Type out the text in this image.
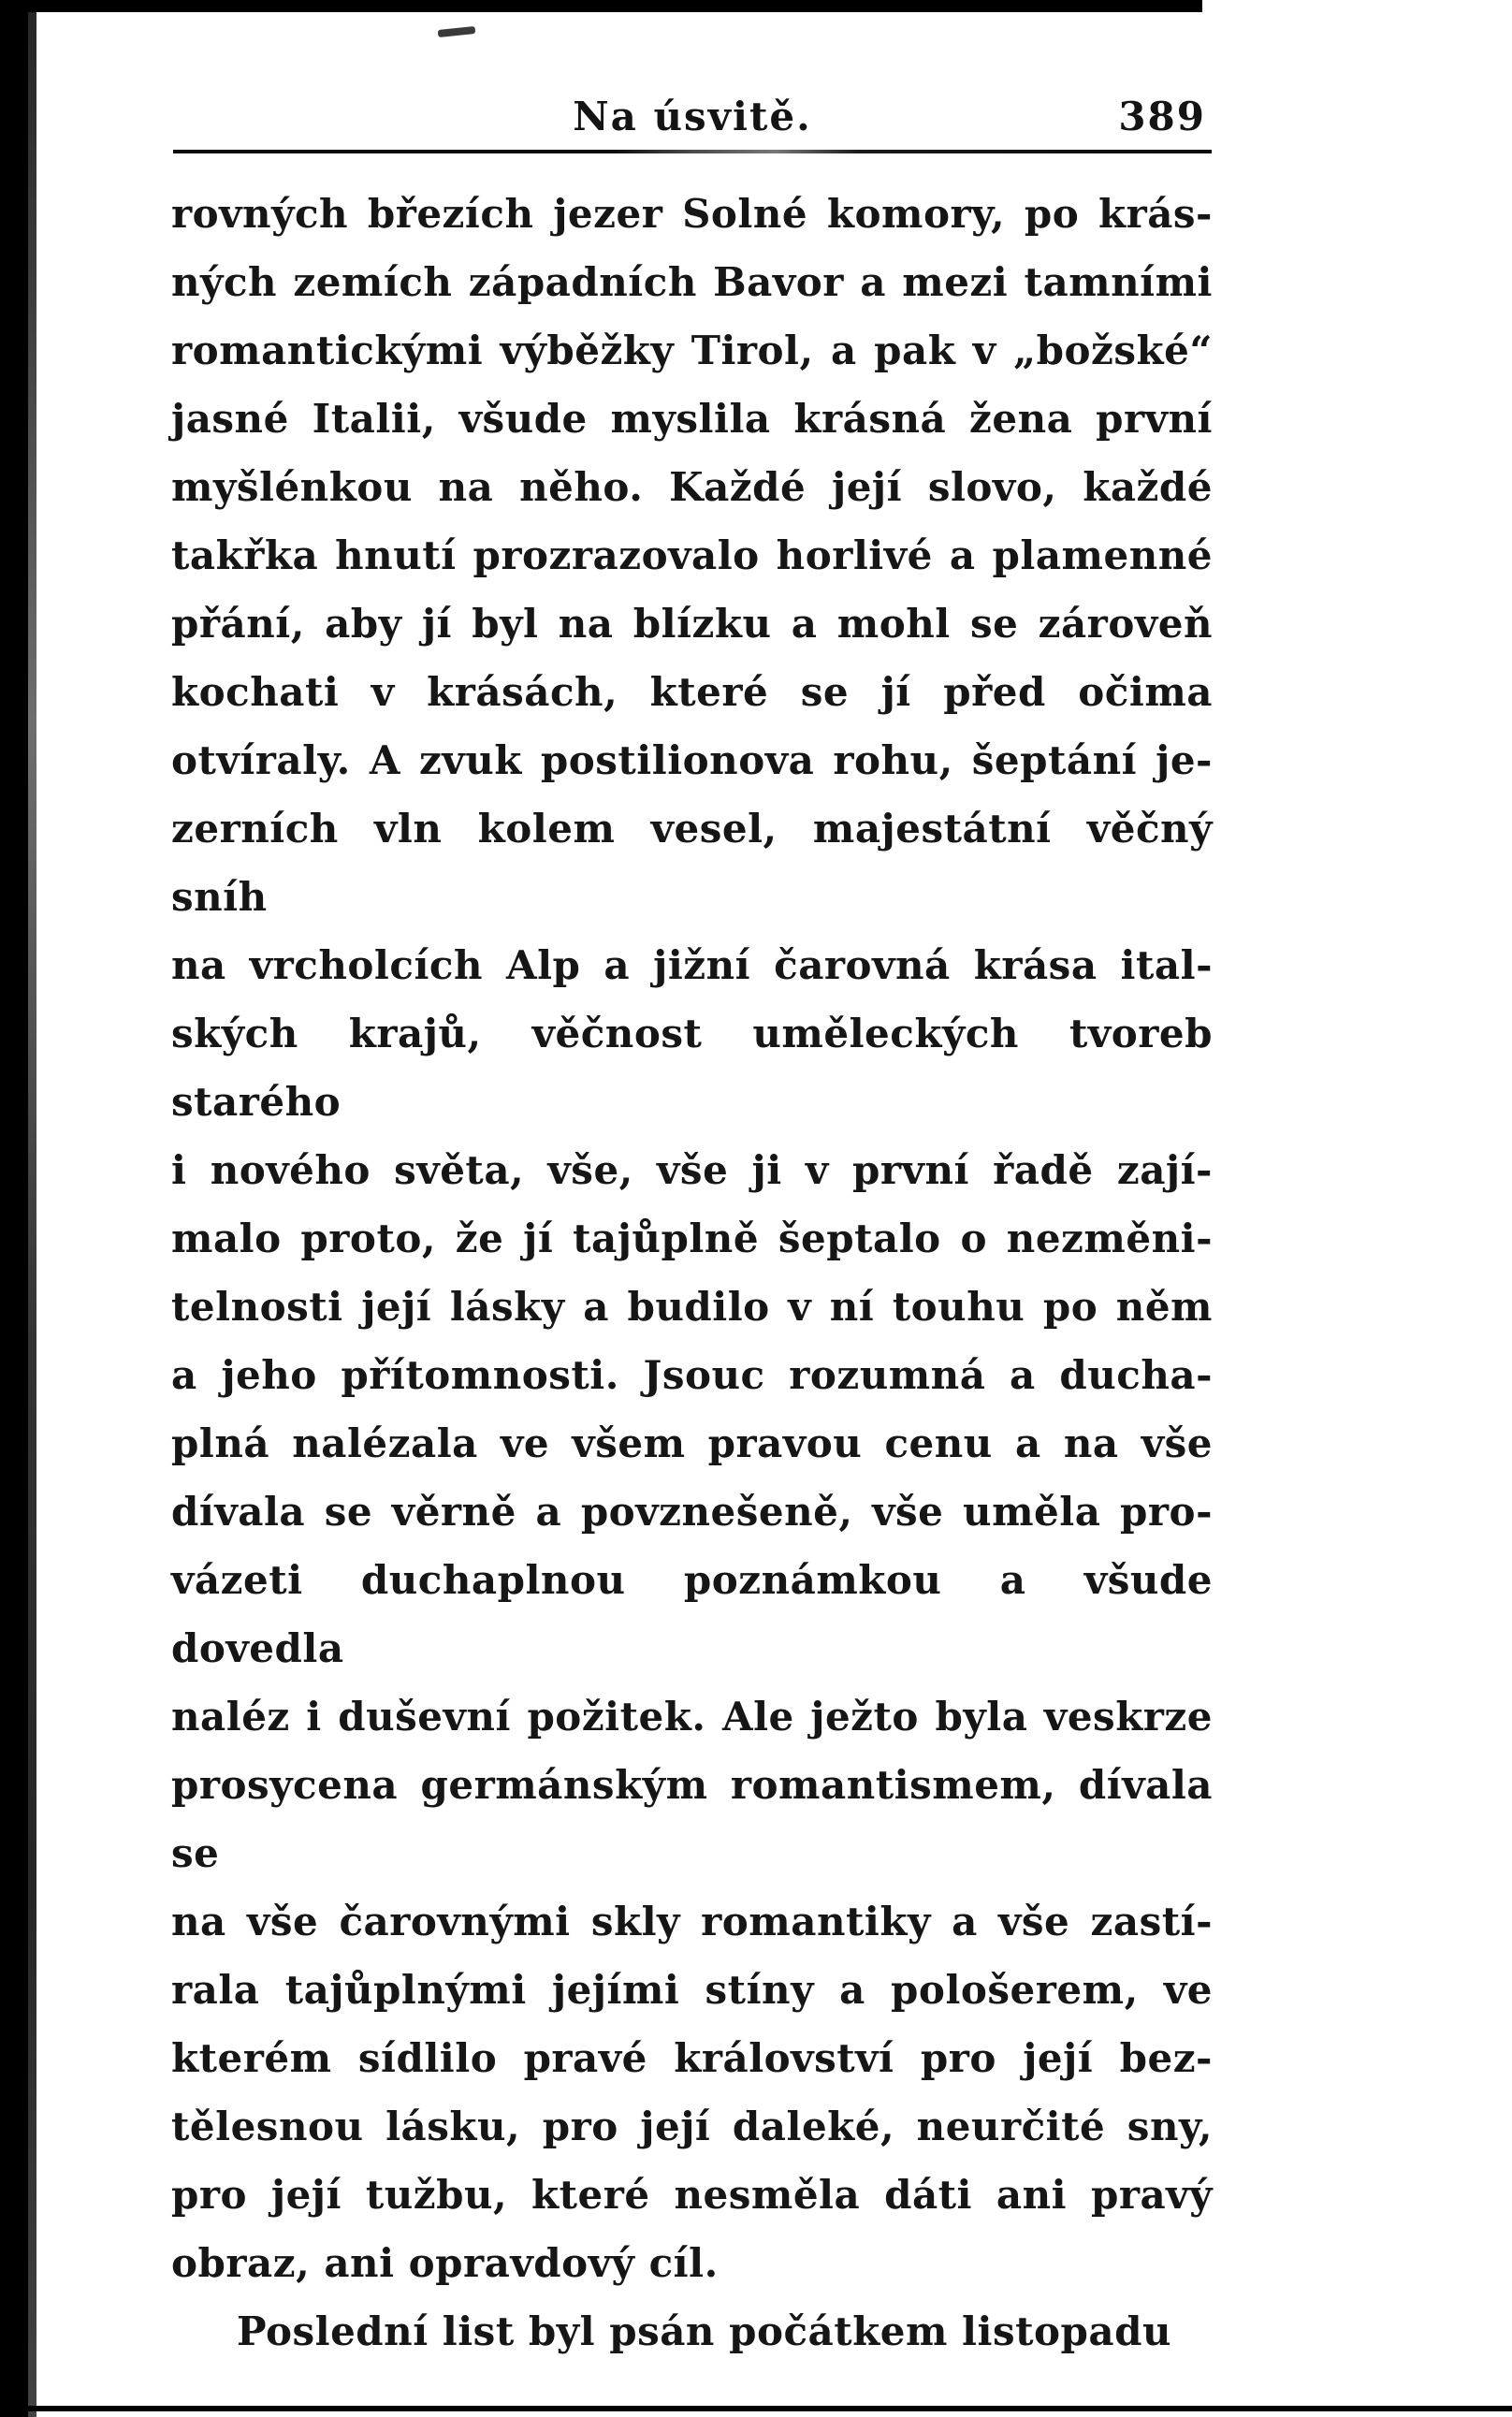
Na úsvitě.	389
rovných březích jezer Solné komory, po krás-
ných zemích západních Bavor a mezi tamními
romantickými výběžky Tirol, a pak v „božské“
jasné Italii, všude myslila krásná žena první
myšlénkou na něho. Každé její slovo, každé
takřka hnutí prozrazovalo horlivé a plamenné
přání, aby jí byl na blízku a mohl se zároveň
kochati v krásách, které se jí před očima
otvíraly. A zvuk postilionova rohu, šeptání je-
zerních vln kolem vesel, majestátní věčný sníh
na vrcholcích Alp a jižní čarovná krása ital-
ských krajů, věčnost uměleckých tvoreb starého
i nového světa, vše, vše ji v první řadě zají-
malo proto, že jí tajůplně šeptalo o nezměni-
telnosti její lásky a budilo v ní touhu po něm
a jeho přítomnosti. Jsouc rozumná a ducha-
plná nalézala ve všem pravou cenu a na vše
dívala se věrně a povznešeně, vše uměla pro-
vázeti duchaplnou poznámkou a všude dovedla
naléz i duševní požitek. Ale ježto byla veskrze
prosycena germánským romantismem, dívala se
na vše čarovnými skly romantiky a vše zastí-
rala tajůplnými jejími stíny a pološerem, ve
kterém sídlilo pravé království pro její bez-
tělesnou lásku, pro její daleké, neurčité sny,
pro její tužbu, které nesměla dáti ani pravý
obraz, ani opravdový cíl.
Poslední list byl psán počátkem listopadu
